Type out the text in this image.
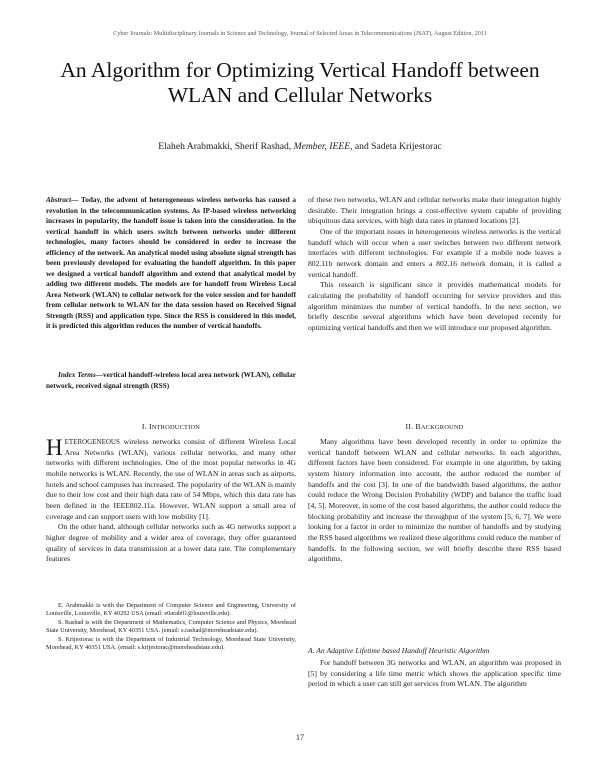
Cyber Journals: Multidisciplinary Journals in Science and Technology, Journal of Selected Areas in Telecommunications (JSAT), August Edition, 2011
An Algorithm for Optimizing Vertical Handoff between WLAN and Cellular Networks
Elaheh Arabmakki, Sherif Rashad, Member, IEEE, and Sadeta Krijestorac

Abstract— Today, the advent of heterogeneous wireless networks has caused a revolution in the telecommunication systems. As IP-based wireless networking increases in popularity, the handoff issue is taken into the consideration. In the vertical handoff in which users switch between networks under different technologies, many factors should be considered in order to increase the efficiency of the network. An analytical model using absolute signal strength has been previously developed for evaluating the handoff algorithm. In this paper we designed a vertical handoff algorithm and extend that analytical model by adding two different models. The models are for handoff from Wireless Local Area Network (WLAN) to cellular network for the voice session and for handoff from cellular network to WLAN for the data session based on Received Signal Strength (RSS) and application type. Since the RSS is considered in this model, it is predicted this algorithm reduces the number of vertical handoffs.

Index Terms—vertical handoff-wireless local area network (WLAN), cellular network, received signal strength (RSS)

I. INTRODUCTION

HETEROGENEOUS wireless networks consist of different Wireless Local Area Networks (WLAN), various cellular networks, and many other networks with different technologies. One of the most popular networks in 4G mobile networks is WLAN. Recently, the use of WLAN in areas such as airports, hotels and school campuses has increased. The popularity of the WLAN is mainly due to their low cost and their high data rate of 54 Mbps, which this data rate has been defined in the IEEE802.11a. However, WLAN support a small area of coverage and can support users with low mobility [1].

On the other hand, although cellular networks such as 4G networks support a higher degree of mobility and a wider area of coverage, they offer guaranteed quality of services in data transmission at a lower data rate. The complementary features

E. Arabmakki is with the Department of Computer Science and Engineering, University of Louisville, Louisville, KY 40292 USA (email: e0arab01@louisville.edu).

S. Rashad is with the Department of Mathematics, Computer Science and Physics, Morehead State University, Morehead, KY 40351 USA. (email: s.rashad@moreheadstate.edu).

S. Krijestorac is with the Department of Industrial Technology, Morehead State University, Morehead, KY 40351 USA. (email: s.krijestorac@moreheadstate.edu).

of these two networks, WLAN and cellular networks make their integration highly desirable. Their integration brings a cost-effective system capable of providing ubiquitous data services, with high data rates in planned locations [2].

One of the important issues in heterogeneous wireless networks is the vertical handoff which will occur when a user switches between two different network interfaces with different technologies. For example if a mobile node leaves a 802.11b network domain and enters a 802.16 network domain, it is called a vertical handoff.

This research is significant since it provides mathematical models for calculating the probability of handoff occurring for service providers and this algorithm minimizes the number of vertical handoffs. In the next section, we briefly describe several algorithms which have been developed recently for optimizing vertical handoffs and then we will introduce our proposed algorithm.

II. BACKGROUND

Many algorithms have been developed recently in order to optimize the vertical handoff between WLAN and cellular networks. In each algorithm, different factors have been considered. For example in one algorithm, by taking system history information into account, the author reduced the number of handoffs and the cost [3]. In one of the bandwidth based algorithms, the author could reduce the Wrong Decision Probability (WDP) and balance the traffic load [4, 5]. Moreover, in some of the cost based algorithms, the author could reduce the blocking probability and increase the throughput of the system [5, 6, 7]. We were looking for a factor in order to minimize the number of handoffs and by studying the RSS based algorithms we realized these algorithms could reduce the number of handoffs. In the following section, we will briefly describe three RSS based algorithms.

A. An Adaptive Lifetime based Handoff Heuristic Algorithm

For handoff between 3G networks and WLAN, an algorithm was proposed in [5] by considering a life time metric which shows the application specific time period in which a user can still get services from WLAN. The algorithm

17
